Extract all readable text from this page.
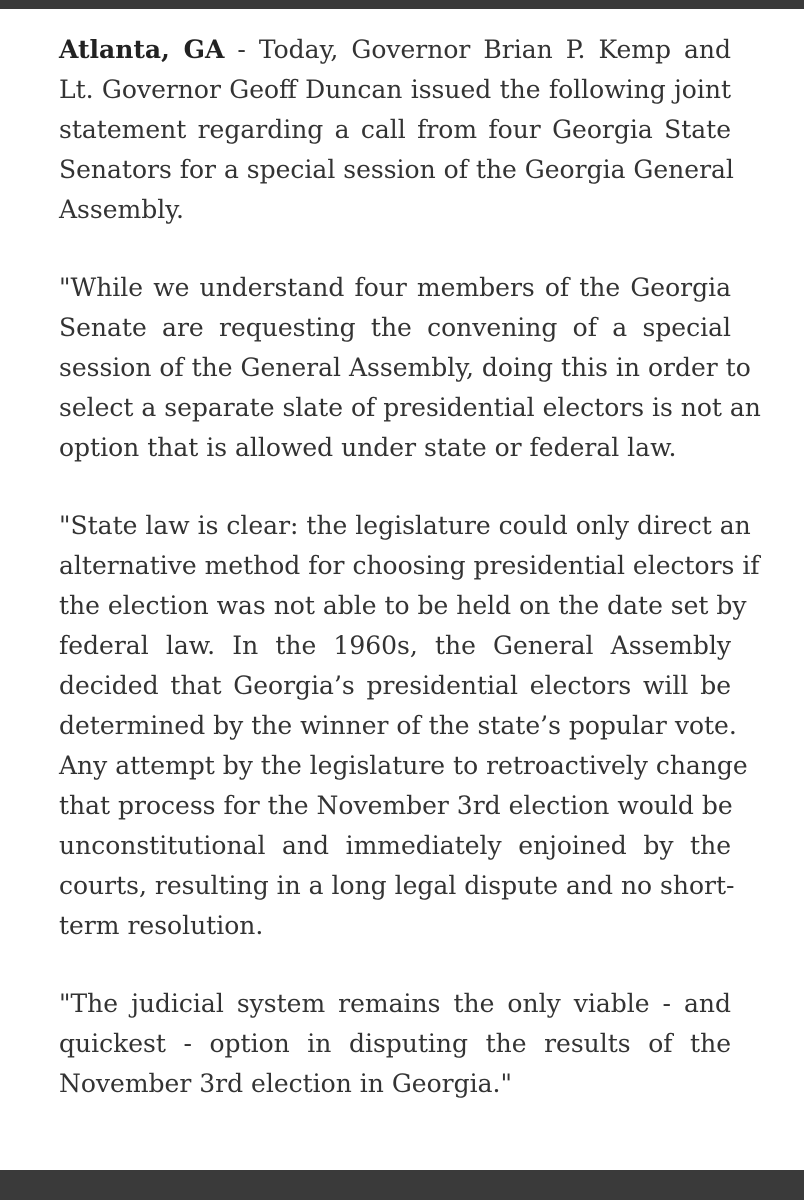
Atlanta, GA - Today, Governor Brian P. Kemp and
Lt. Governor Geoff Duncan issued the following joint
statement regarding a call from four Georgia State
Senators for a special session of the Georgia General
Assembly.

"While we understand four members of the Georgia
Senate are requesting the convening of a special
session of the General Assembly, doing this in order to
select a separate slate of presidential electors is not an
option that is allowed under state or federal law.

"State law is clear: the legislature could only direct an
alternative method for choosing presidential electors if
the election was not able to be held on the date set by
federal law. In the 1960s, the General Assembly
decided that Georgia’s presidential electors will be
determined by the winner of the state’s popular vote.
Any attempt by the legislature to retroactively change
that process for the November 3rd election would be
unconstitutional and immediately enjoined by the
courts, resulting in a long legal dispute and no short-
term resolution.

"The judicial system remains the only viable - and
quickest - option in disputing the results of the
November 3rd election in Georgia."
